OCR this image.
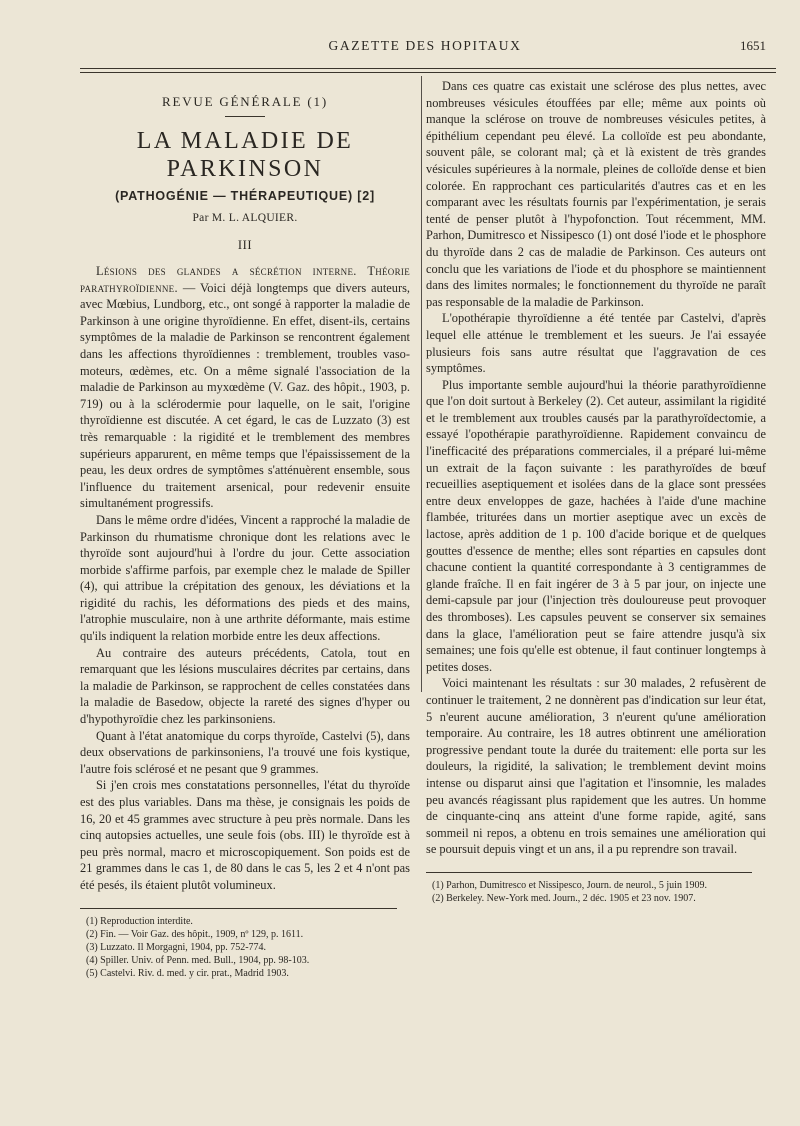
GAZETTE DES HOPITAUX	1651
REVUE GÉNÉRALE (1)
LA MALADIE DE PARKINSON
(PATHOGÉNIE — THÉRAPEUTIQUE) [2]
Par M. L. ALQUIER.
III

Lésions des glandes a sécrétion interne. Théorie parathyroïdienne. — Voici déjà longtemps que divers auteurs, avec Mœbius, Lundborg, etc., ont songé à rapporter la maladie de Parkinson à une origine thyroïdienne. En effet, disent-ils, certains symptômes de la maladie de Parkinson se rencontrent également dans les affections thyroïdiennes : tremblement, troubles vaso-moteurs, œdèmes, etc. On a même signalé l'association de la maladie de Parkinson au myxœdème (V. Gaz. des hôpit., 1903, p. 719) ou à la sclérodermie pour laquelle, on le sait, l'origine thyroïdienne est discutée. A cet égard, le cas de Luzzato (3) est très remarquable : la rigidité et le tremblement des membres supérieurs apparurent, en même temps que l'épaississement de la peau, les deux ordres de symptômes s'atténuèrent ensemble, sous l'influence du traitement arsenical, pour redevenir ensuite simultanément progressifs.

Dans le même ordre d'idées, Vincent a rapproché la maladie de Parkinson du rhumatisme chronique dont les relations avec le thyroïde sont aujourd'hui à l'ordre du jour. Cette association morbide s'affirme parfois, par exemple chez le malade de Spiller (4), qui attribue la crépitation des genoux, les déviations et la rigidité du rachis, les déformations des pieds et des mains, l'atrophie musculaire, non à une arthrite déformante, mais estime qu'ils indiquent la relation morbide entre les deux affections.

Au contraire des auteurs précédents, Catola, tout en remarquant que les lésions musculaires décrites par certains, dans la maladie de Parkinson, se rapprochent de celles constatées dans la maladie de Basedow, objecte la rareté des signes d'hyper ou d'hypothyroïdie chez les parkinsoniens.

Quant à l'état anatomique du corps thyroïde, Castelvi (5), dans deux observations de parkinsoniens, l'a trouvé une fois kystique, l'autre fois sclérosé et ne pesant que 9 grammes.

Si j'en crois mes constatations personnelles, l'état du thyroïde est des plus variables. Dans ma thèse, je consignais les poids de 16, 20 et 45 grammes avec structure à peu près normale. Dans les cinq autopsies actuelles, une seule fois (obs. III) le thyroïde est à peu près normal, macro et microscopiquement. Son poids est de 21 grammes dans le cas 1, de 80 dans le cas 5, les 2 et 4 n'ont pas été pesés, ils étaient plutôt volumineux.

(1) Reproduction interdite.
(2) Fin. — Voir Gaz. des hôpit., 1909, nº 129, p. 1611.
(3) Luzzato. Il Morgagni, 1904, pp. 752-774.
(4) Spiller. Univ. of Penn. med. Bull., 1904, pp. 98-103.
(5) Castelvi. Riv. d. med. y cir. prat., Madrid 1903.

Dans ces quatre cas existait une sclérose des plus nettes, avec nombreuses vésicules étouffées par elle; même aux points où manque la sclérose on trouve de nombreuses vésicules petites, à épithélium cependant peu élevé. La colloïde est peu abondante, souvent pâle, se colorant mal; çà et là existent de très grandes vésicules supérieures à la normale, pleines de colloïde dense et bien colorée. En rapprochant ces particularités d'autres cas et en les comparant avec les résultats fournis par l'expérimentation, je serais tenté de penser plutôt à l'hypofonction. Tout récemment, MM. Parhon, Dumitresco et Nissipesco (1) ont dosé l'iode et le phosphore du thyroïde dans 2 cas de maladie de Parkinson. Ces auteurs ont conclu que les variations de l'iode et du phosphore se maintiennent dans des limites normales; le fonctionnement du thyroïde ne paraît pas responsable de la maladie de Parkinson.

L'opothérapie thyroïdienne a été tentée par Castelvi, d'après lequel elle atténue le tremblement et les sueurs. Je l'ai essayée plusieurs fois sans autre résultat que l'aggravation de ces symptômes.

Plus importante semble aujourd'hui la théorie parathyroïdienne que l'on doit surtout à Berkeley (2). Cet auteur, assimilant la rigidité et le tremblement aux troubles causés par la parathyroïdectomie, a essayé l'opothérapie parathyroïdienne. Rapidement convaincu de l'inefficacité des préparations commerciales, il a préparé lui-même un extrait de la façon suivante : les parathyroïdes de bœuf recueillies aseptiquement et isolées dans de la glace sont pressées entre deux enveloppes de gaze, hachées à l'aide d'une machine flambée, triturées dans un mortier aseptique avec un excès de lactose, après addition de 1 p. 100 d'acide borique et de quelques gouttes d'essence de menthe; elles sont réparties en capsules dont chacune contient la quantité correspondante à 3 centigrammes de glande fraîche. Il en fait ingérer de 3 à 5 par jour, on injecte une demi-capsule par jour (l'injection très douloureuse peut provoquer des thromboses). Les capsules peuvent se conserver six semaines dans la glace, l'amélioration peut se faire attendre jusqu'à six semaines; une fois qu'elle est obtenue, il faut continuer longtemps à petites doses.

Voici maintenant les résultats : sur 30 malades, 2 refusèrent de continuer le traitement, 2 ne donnèrent pas d'indication sur leur état, 5 n'eurent aucune amélioration, 3 n'eurent qu'une amélioration temporaire. Au contraire, les 18 autres obtinrent une amélioration progressive pendant toute la durée du traitement: elle porta sur les douleurs, la rigidité, la salivation; le tremblement devint moins intense ou disparut ainsi que l'agitation et l'insomnie, les malades peu avancés réagissant plus rapidement que les autres. Un homme de cinquante-cinq ans atteint d'une forme rapide, agité, sans sommeil ni repos, a obtenu en trois semaines une amélioration qui se poursuit depuis vingt et un ans, il a pu reprendre son travail.

(1) Parhon, Dumitresco et Nissipesco, Journ. de neurol., 5 juin 1909.
(2) Berkeley. New-York med. Journ., 2 déc. 1905 et 23 nov. 1907.
